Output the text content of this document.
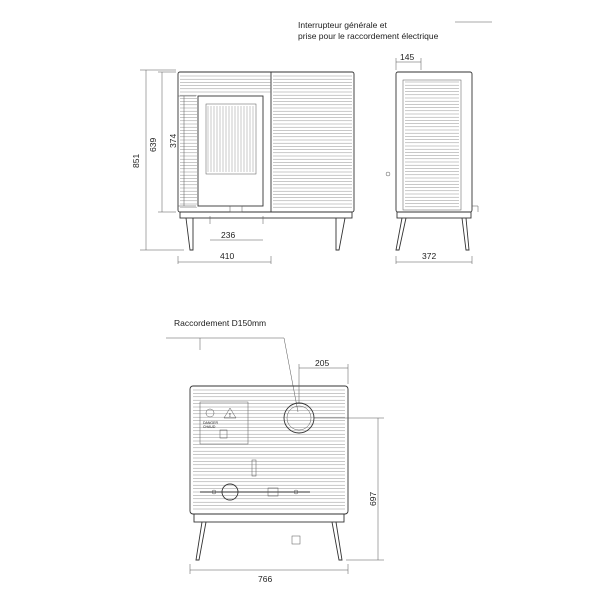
Interrupteur générale et
prise pour le raccordement électrique
851
639 374
236
410
145
372
Raccordement D150mm
!
DANGER
CHAUD
205
697
766
